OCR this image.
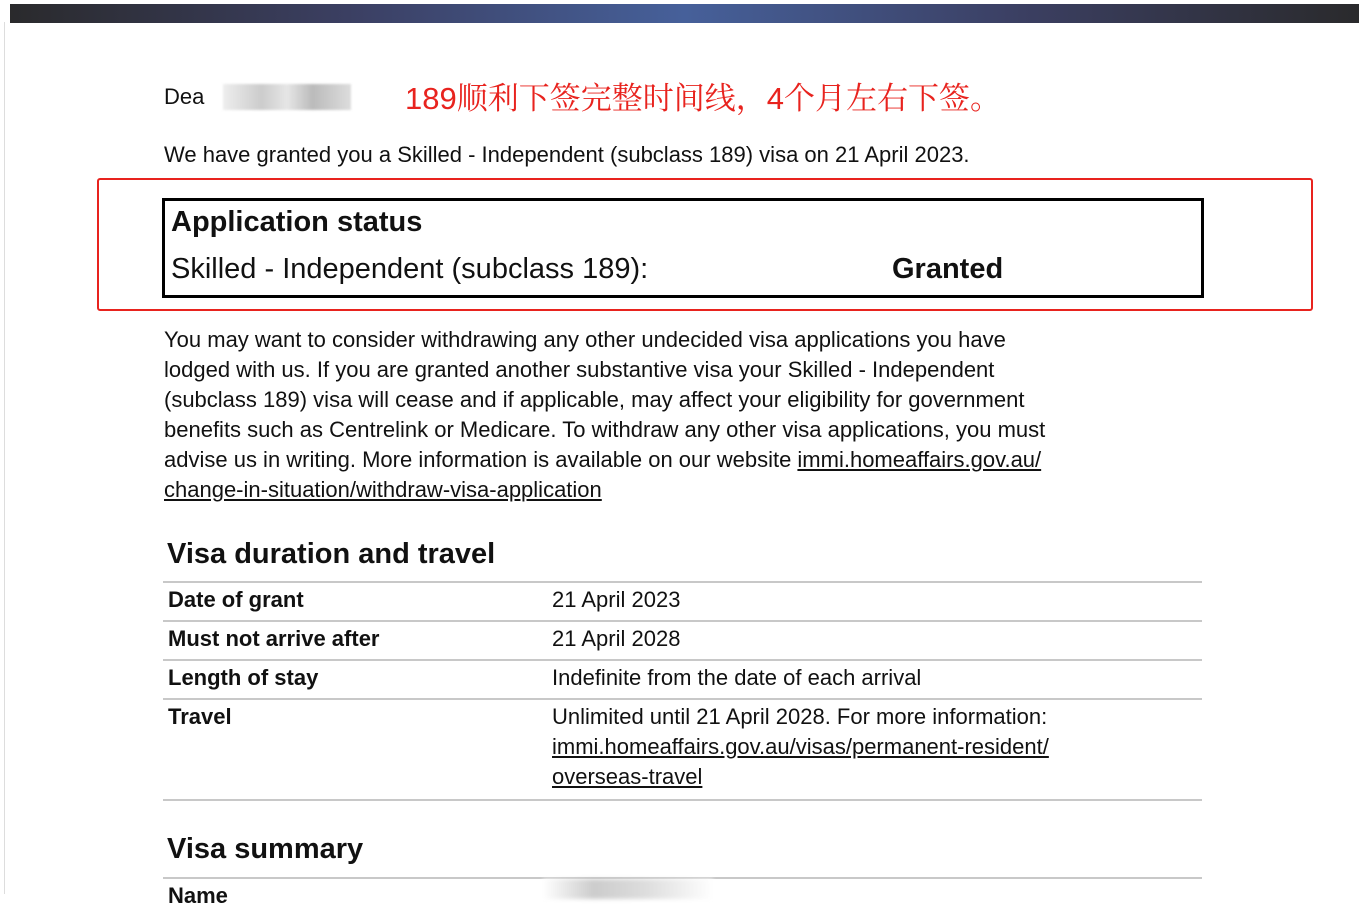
Dea	189顺利下签完整时间线，4个月左右下签。
We have granted you a Skilled - Independent (subclass 189) visa on 21 April 2023.
Application status
Skilled - Independent (subclass 189):	Granted
You may want to consider withdrawing any other undecided visa applications you have
lodged with us. If you are granted another substantive visa your Skilled - Independent
(subclass 189) visa will cease and if applicable, may affect your eligibility for government
benefits such as Centrelink or Medicare. To withdraw any other visa applications, you must
advise us in writing. More information is available on our website immi.homeaffairs.gov.au/
change-in-situation/withdraw-visa-application
Visa duration and travel
Date of grant	21 April 2023
Must not arrive after	21 April 2028
Length of stay	Indefinite from the date of each arrival
Travel	Unlimited until 21 April 2028. For more information:
immi.homeaffairs.gov.au/visas/permanent-resident/
overseas-travel
Visa summary
Name
